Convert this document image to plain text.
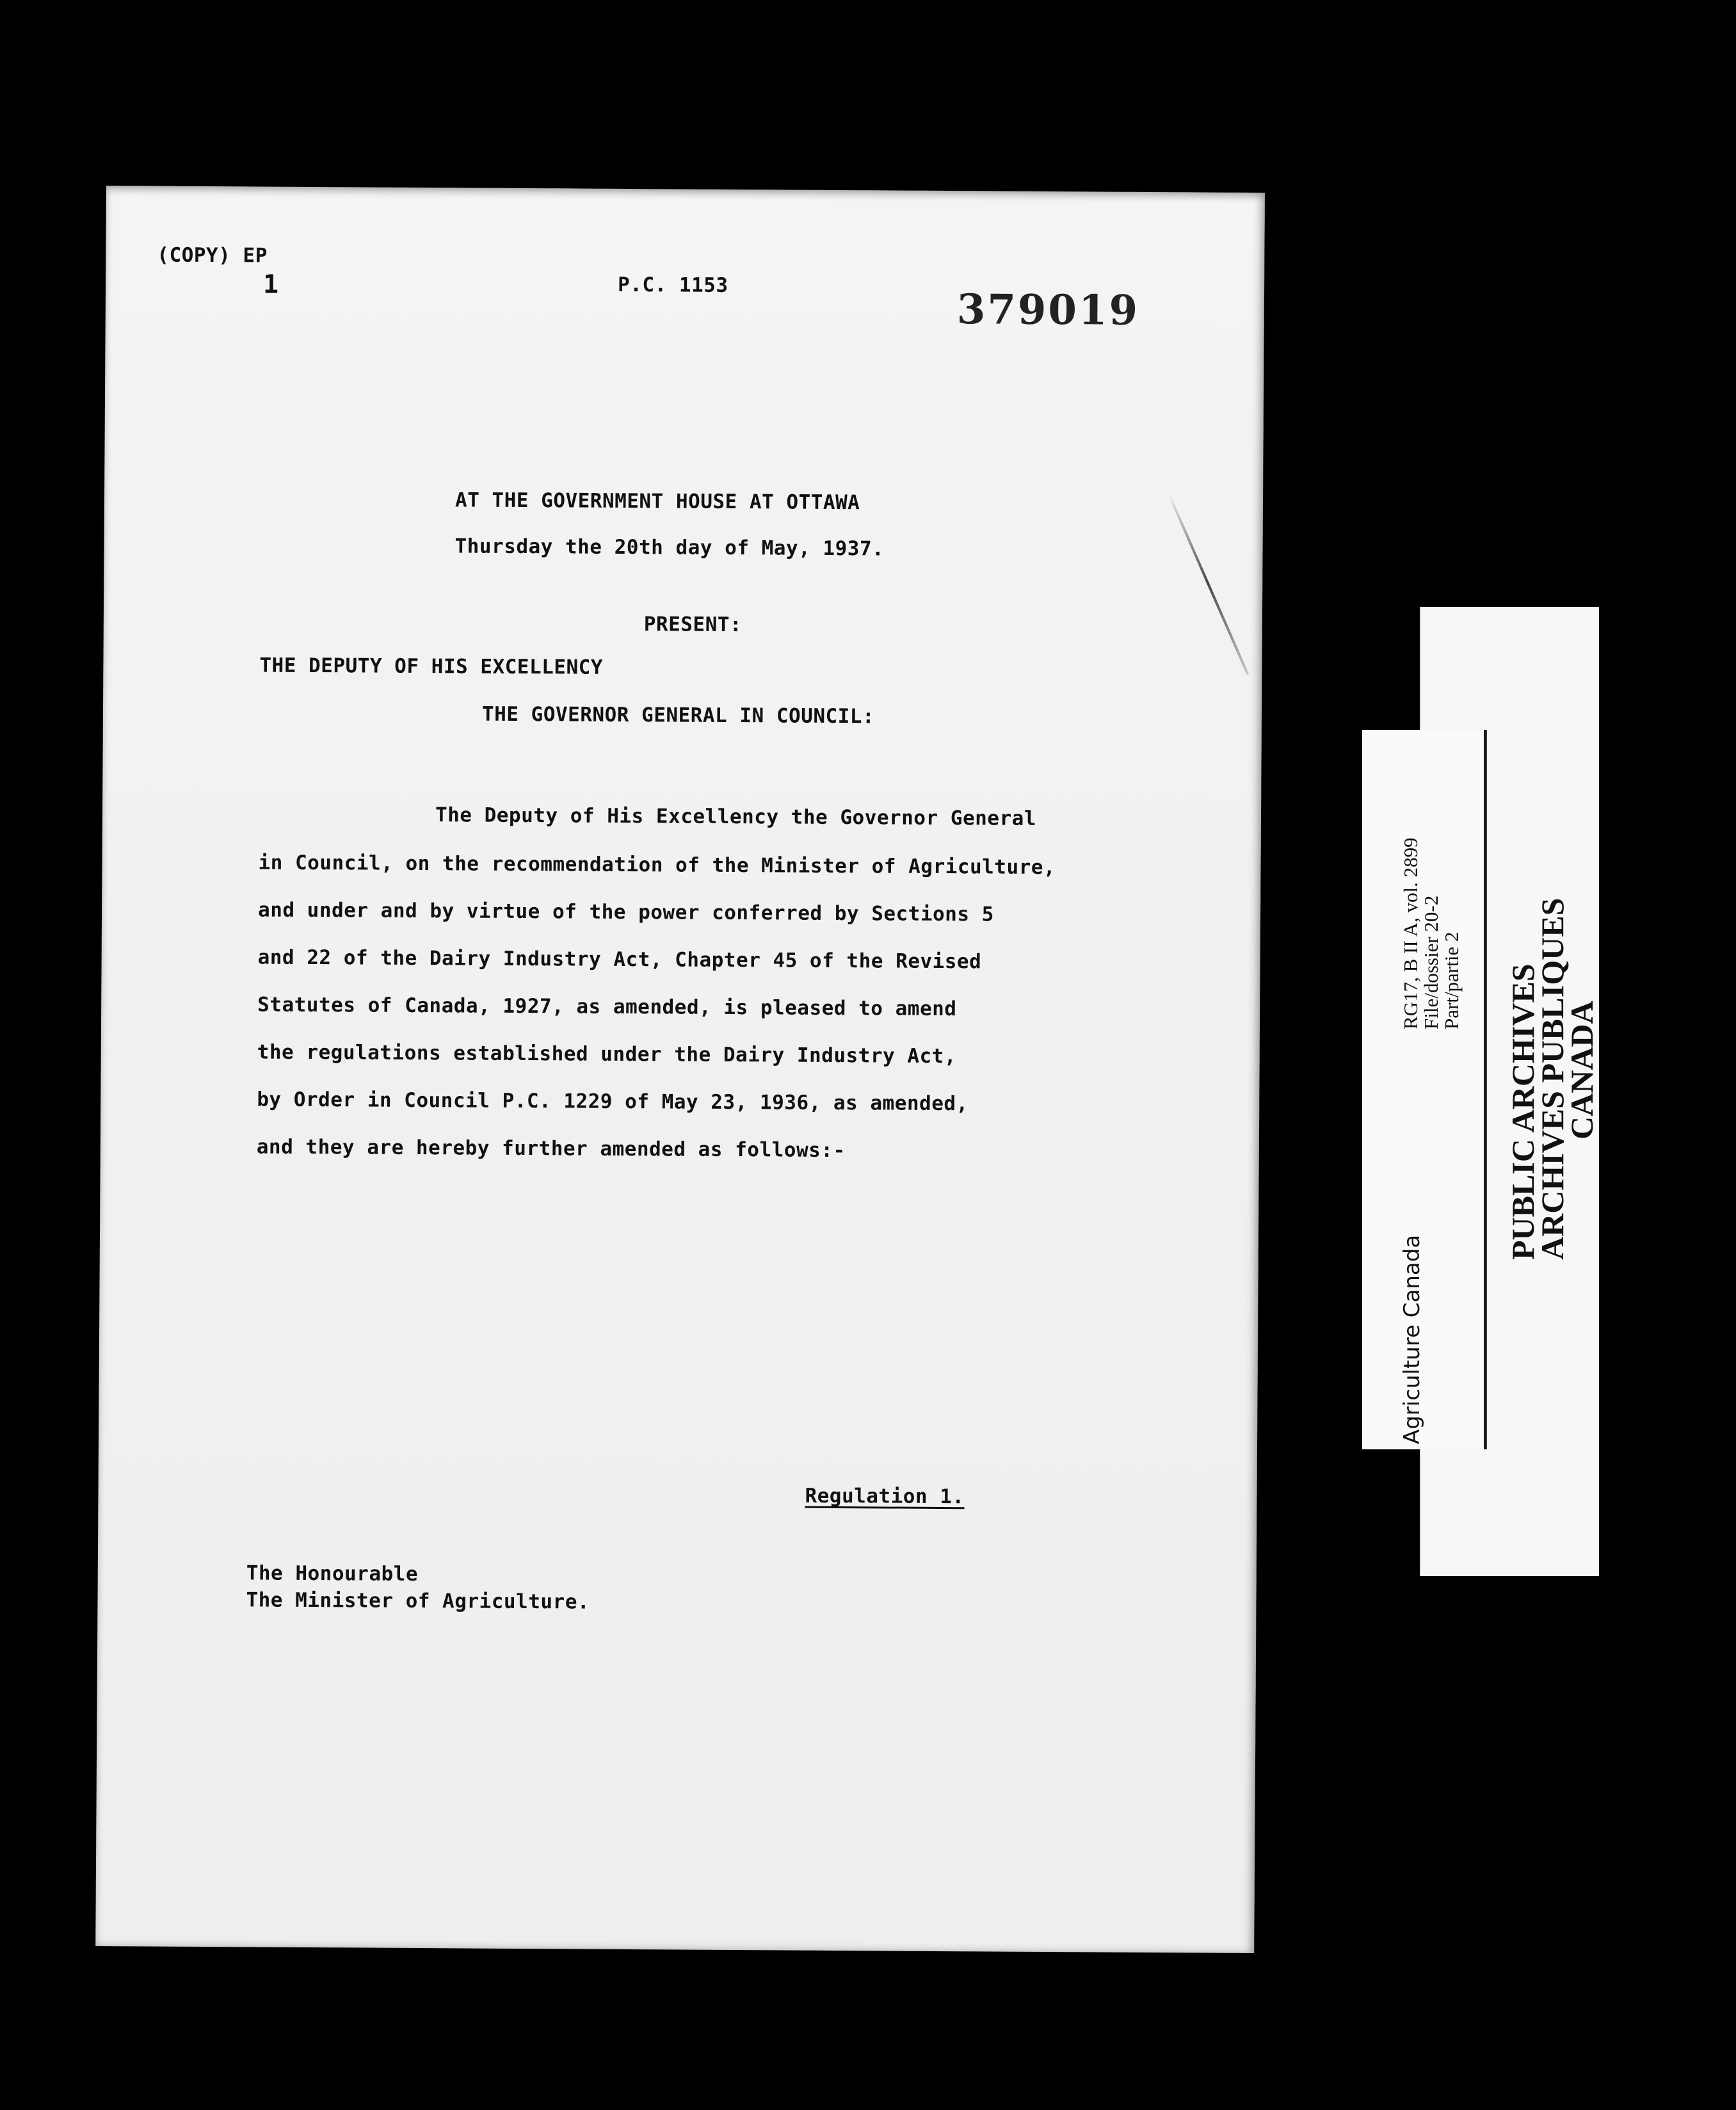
(COPY) EP
1	P.C. 1153
379019
AT THE GOVERNMENT HOUSE AT OTTAWA
Thursday the 20th day of May, 1937.
PRESENT:
THE DEPUTY OF HIS EXCELLENCY
THE GOVERNOR GENERAL IN COUNCIL:
The Deputy of His Excellency the Governor General
in Council, on the recommendation of the Minister of Agriculture,
and under and by virtue of the power conferred by Sections 5
and 22 of the Dairy Industry Act, Chapter 45 of the Revised
Statutes of Canada, 1927, as amended, is pleased to amend
the regulations established under the Dairy Industry Act,
by Order in Council P.C. 1229 of May 23, 1936, as amended,
and they are hereby further amended as follows:-
Regulation 1.
The Honourable
The Minister of Agriculture.
Agriculture Canada
RG17, B II A, vol. 2899
File/dossier 20-2
Part/partie 2 PUBLIC ARCHIVES
ARCHIVES PUBLIQUES
CANADA
